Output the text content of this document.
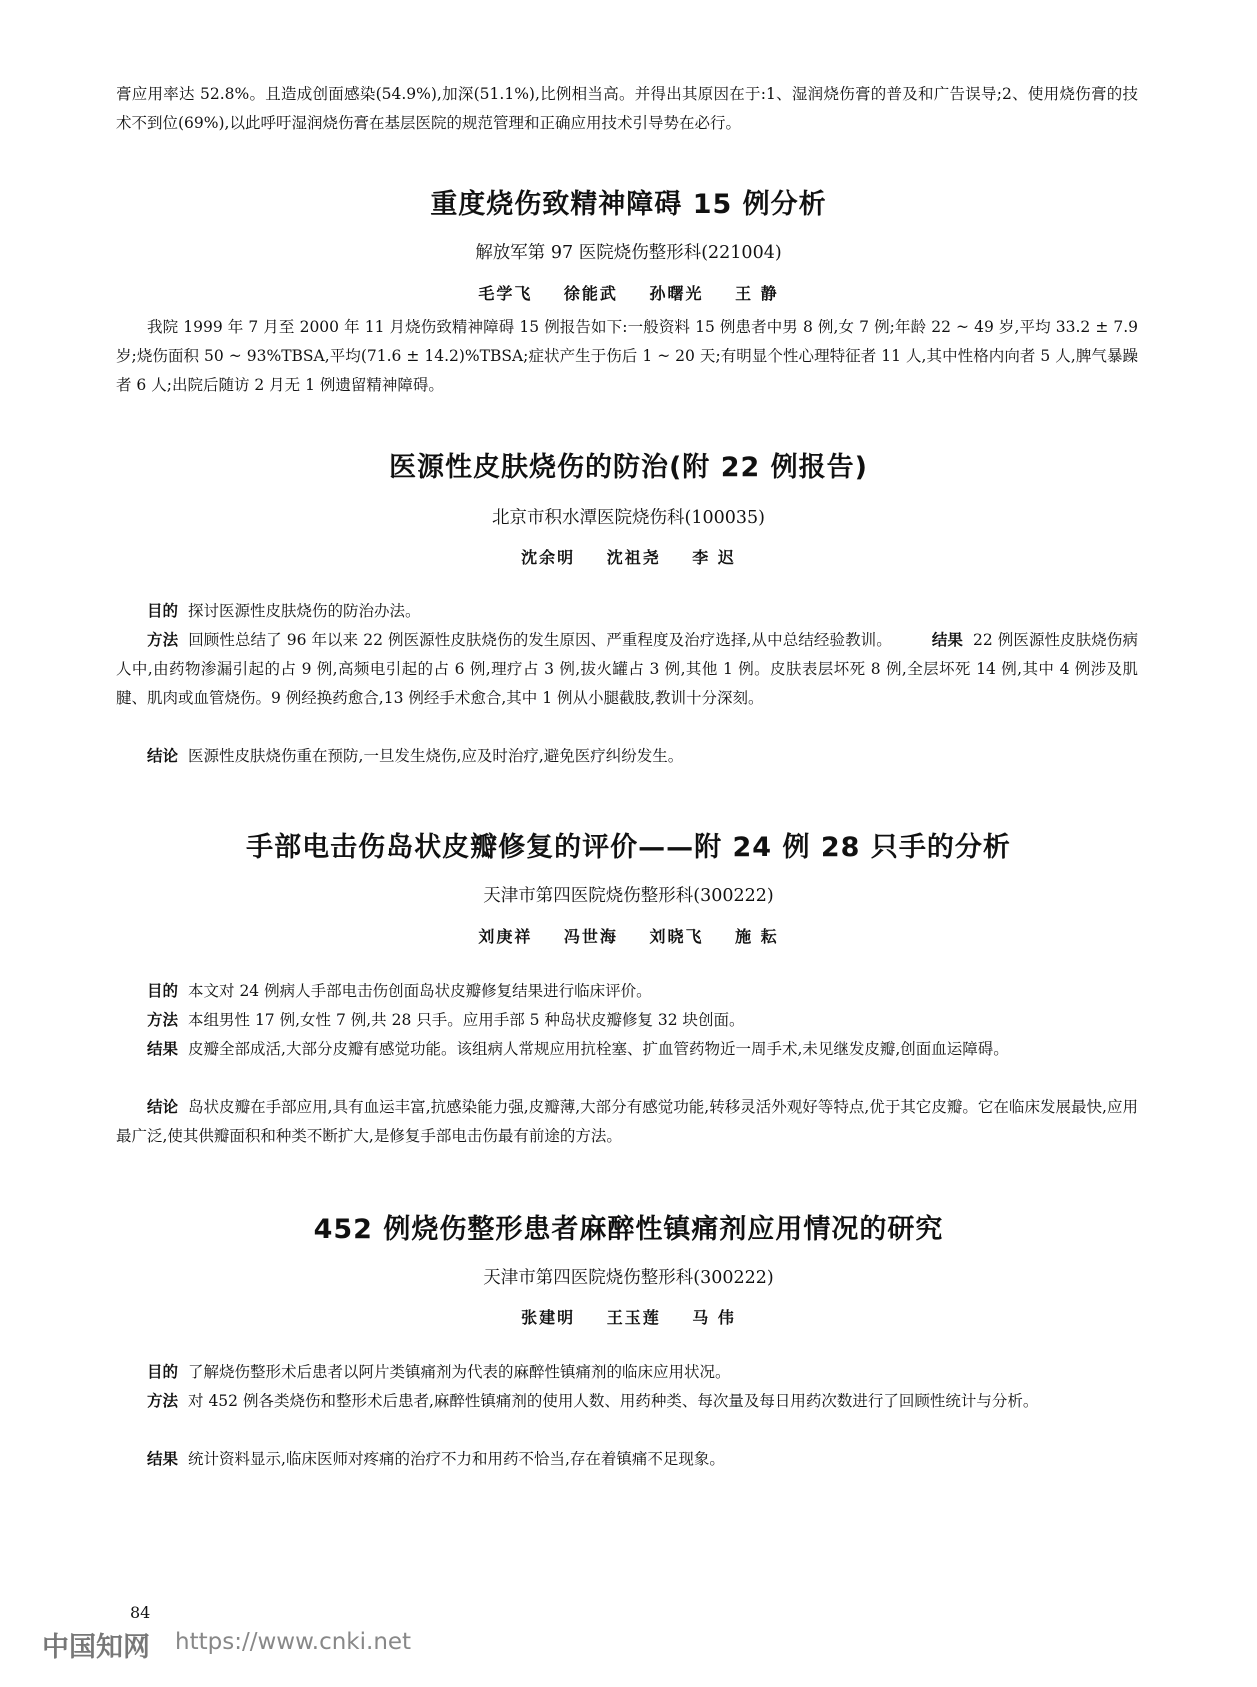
膏应用率达 52.8%。且造成创面感染(54.9%),加深(51.1%),比例相当高。并得出其原因在于:1、湿润烧伤膏的普及和广告误导;2、使用烧伤膏的技术不到位(69%),以此呼吁湿润烧伤膏在基层医院的规范管理和正确应用技术引导势在必行。

重度烧伤致精神障碍 15 例分析

解放军第 97 医院烧伤整形科(221004)

毛学飞 徐能武 孙曙光 王 静

我院 1999 年 7 月至 2000 年 11 月烧伤致精神障碍 15 例报告如下:一般资料 15 例患者中男 8 例,女 7 例;年龄 22 ~ 49 岁,平均 33.2 ± 7.9 岁;烧伤面积 50 ~ 93%TBSA,平均(71.6 ± 14.2)%TBSA;症状产生于伤后 1 ~ 20 天;有明显个性心理特征者 11 人,其中性格内向者 5 人,脾气暴躁者 6 人;出院后随访 2 月无 1 例遗留精神障碍。

医源性皮肤烧伤的防治(附 22 例报告)

北京市积水潭医院烧伤科(100035)

沈余明 沈祖尧 李 迟

目的 探讨医源性皮肤烧伤的防治办法。

方法 回顾性总结了 96 年以来 22 例医源性皮肤烧伤的发生原因、严重程度及治疗选择,从中总结经验教训。	结果 22 例医源性皮肤烧伤病人中,由药物渗漏引起的占 9 例,高频电引起的占 6 例,理疗占 3 例,拔火罐占 3 例,其他 1 例。皮肤表层坏死 8 例,全层坏死 14 例,其中 4 例涉及肌腱、肌肉或血管烧伤。9 例经换药愈合,13 例经手术愈合,其中 1 例从小腿截肢,教训十分深刻。

结论 医源性皮肤烧伤重在预防,一旦发生烧伤,应及时治疗,避免医疗纠纷发生。

手部电击伤岛状皮瓣修复的评价——附 24 例 28 只手的分析

天津市第四医院烧伤整形科(300222)

刘庚祥 冯世海 刘晓飞 施 耘

目的 本文对 24 例病人手部电击伤创面岛状皮瓣修复结果进行临床评价。

方法 本组男性 17 例,女性 7 例,共 28 只手。应用手部 5 种岛状皮瓣修复 32 块创面。

结果 皮瓣全部成活,大部分皮瓣有感觉功能。该组病人常规应用抗栓塞、扩血管药物近一周手术,未见继发皮瓣,创面血运障碍。

结论 岛状皮瓣在手部应用,具有血运丰富,抗感染能力强,皮瓣薄,大部分有感觉功能,转移灵活外观好等特点,优于其它皮瓣。它在临床发展最快,应用最广泛,使其供瓣面积和种类不断扩大,是修复手部电击伤最有前途的方法。

452 例烧伤整形患者麻醉性镇痛剂应用情况的研究

天津市第四医院烧伤整形科(300222)

张建明 王玉莲 马 伟

目的 了解烧伤整形术后患者以阿片类镇痛剂为代表的麻醉性镇痛剂的临床应用状况。

方法 对 452 例各类烧伤和整形术后患者,麻醉性镇痛剂的使用人数、用药种类、每次量及每日用药次数进行了回顾性统计与分析。

结果 统计资料显示,临床医师对疼痛的治疗不力和用药不恰当,存在着镇痛不足现象。

84

中国知网 https://www.cnki.net
